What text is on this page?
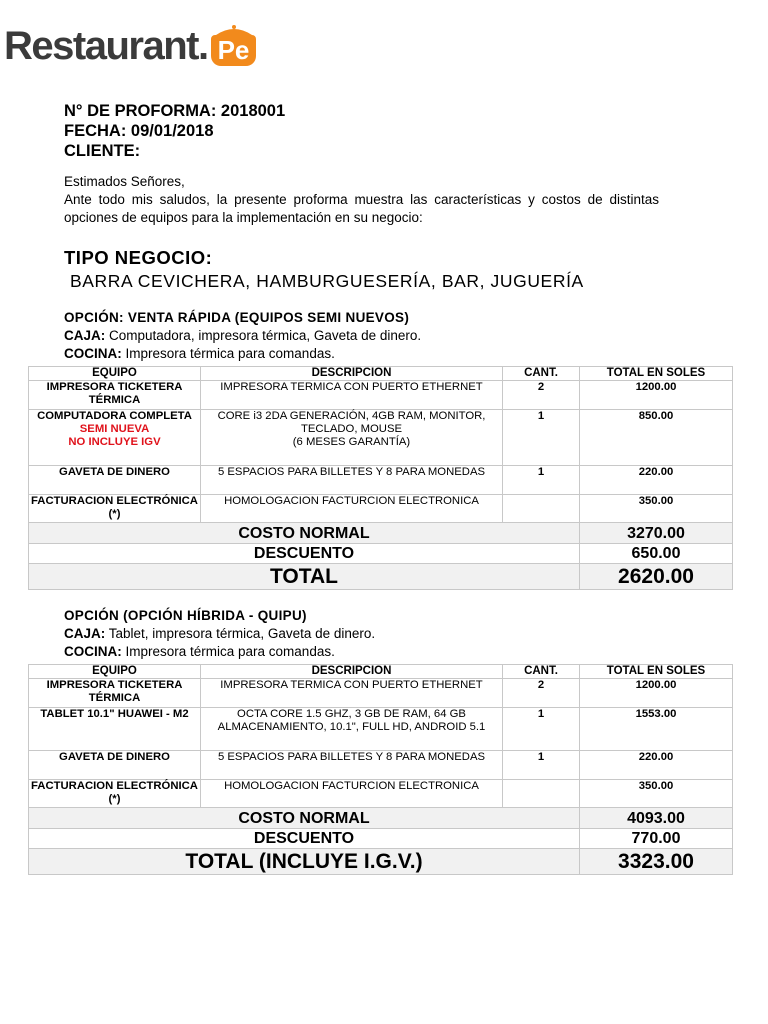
Restaurant. Pe
N° DE PROFORMA: 2018001
FECHA: 09/01/2018
CLIENTE:

Estimados Señores,

Ante todo mis saludos, la presente proforma muestra las características y costos de distintas opciones de equipos para la implementación en su negocio:

TIPO NEGOCIO:
BARRA CEVICHERA, HAMBURGUESERÍA, BAR, JUGUERÍA
OPCIÓN: VENTA RÁPIDA (EQUIPOS SEMI NUEVOS)
CAJA: Computadora, impresora térmica, Gaveta de dinero.
COCINA: Impresora térmica para comandas.
EQUIPO	DESCRIPCION	CANT.	TOTAL EN SOLES
IMPRESORA TICKETERA TÉRMICA	IMPRESORA TERMICA CON PUERTO ETHERNET	2	1200.00
COMPUTADORA COMPLETA
SEMI NUEVA
NO INCLUYE IGV	CORE i3 2DA GENERACIÓN, 4GB RAM, MONITOR, TECLADO, MOUSE
(6 MESES GARANTÍA)	1	850.00
GAVETA DE DINERO	5 ESPACIOS PARA BILLETES Y 8 PARA MONEDAS	1	220.00
FACTURACION ELECTRÓNICA (*)	HOMOLOGACION FACTURCION ELECTRONICA		350.00
COSTO NORMAL			3270.00
DESCUENTO			650.00
TOTAL			2620.00
OPCIÓN (OPCIÓN HÍBRIDA - QUIPU)
CAJA: Tablet, impresora térmica, Gaveta de dinero.
COCINA: Impresora térmica para comandas.
EQUIPO	DESCRIPCION	CANT.	TOTAL EN SOLES
IMPRESORA TICKETERA TÉRMICA	IMPRESORA TERMICA CON PUERTO ETHERNET	2	1200.00
TABLET 10.1" HUAWEI - M2	OCTA CORE 1.5 GHZ, 3 GB DE RAM, 64 GB ALMACENAMIENTO, 10.1", FULL HD, ANDROID 5.1	1	1553.00
GAVETA DE DINERO	5 ESPACIOS PARA BILLETES Y 8 PARA MONEDAS	1	220.00
FACTURACION ELECTRÓNICA (*)	HOMOLOGACION FACTURCION ELECTRONICA		350.00
COSTO NORMAL			4093.00
DESCUENTO			770.00
TOTAL (INCLUYE I.G.V.)			3323.00
